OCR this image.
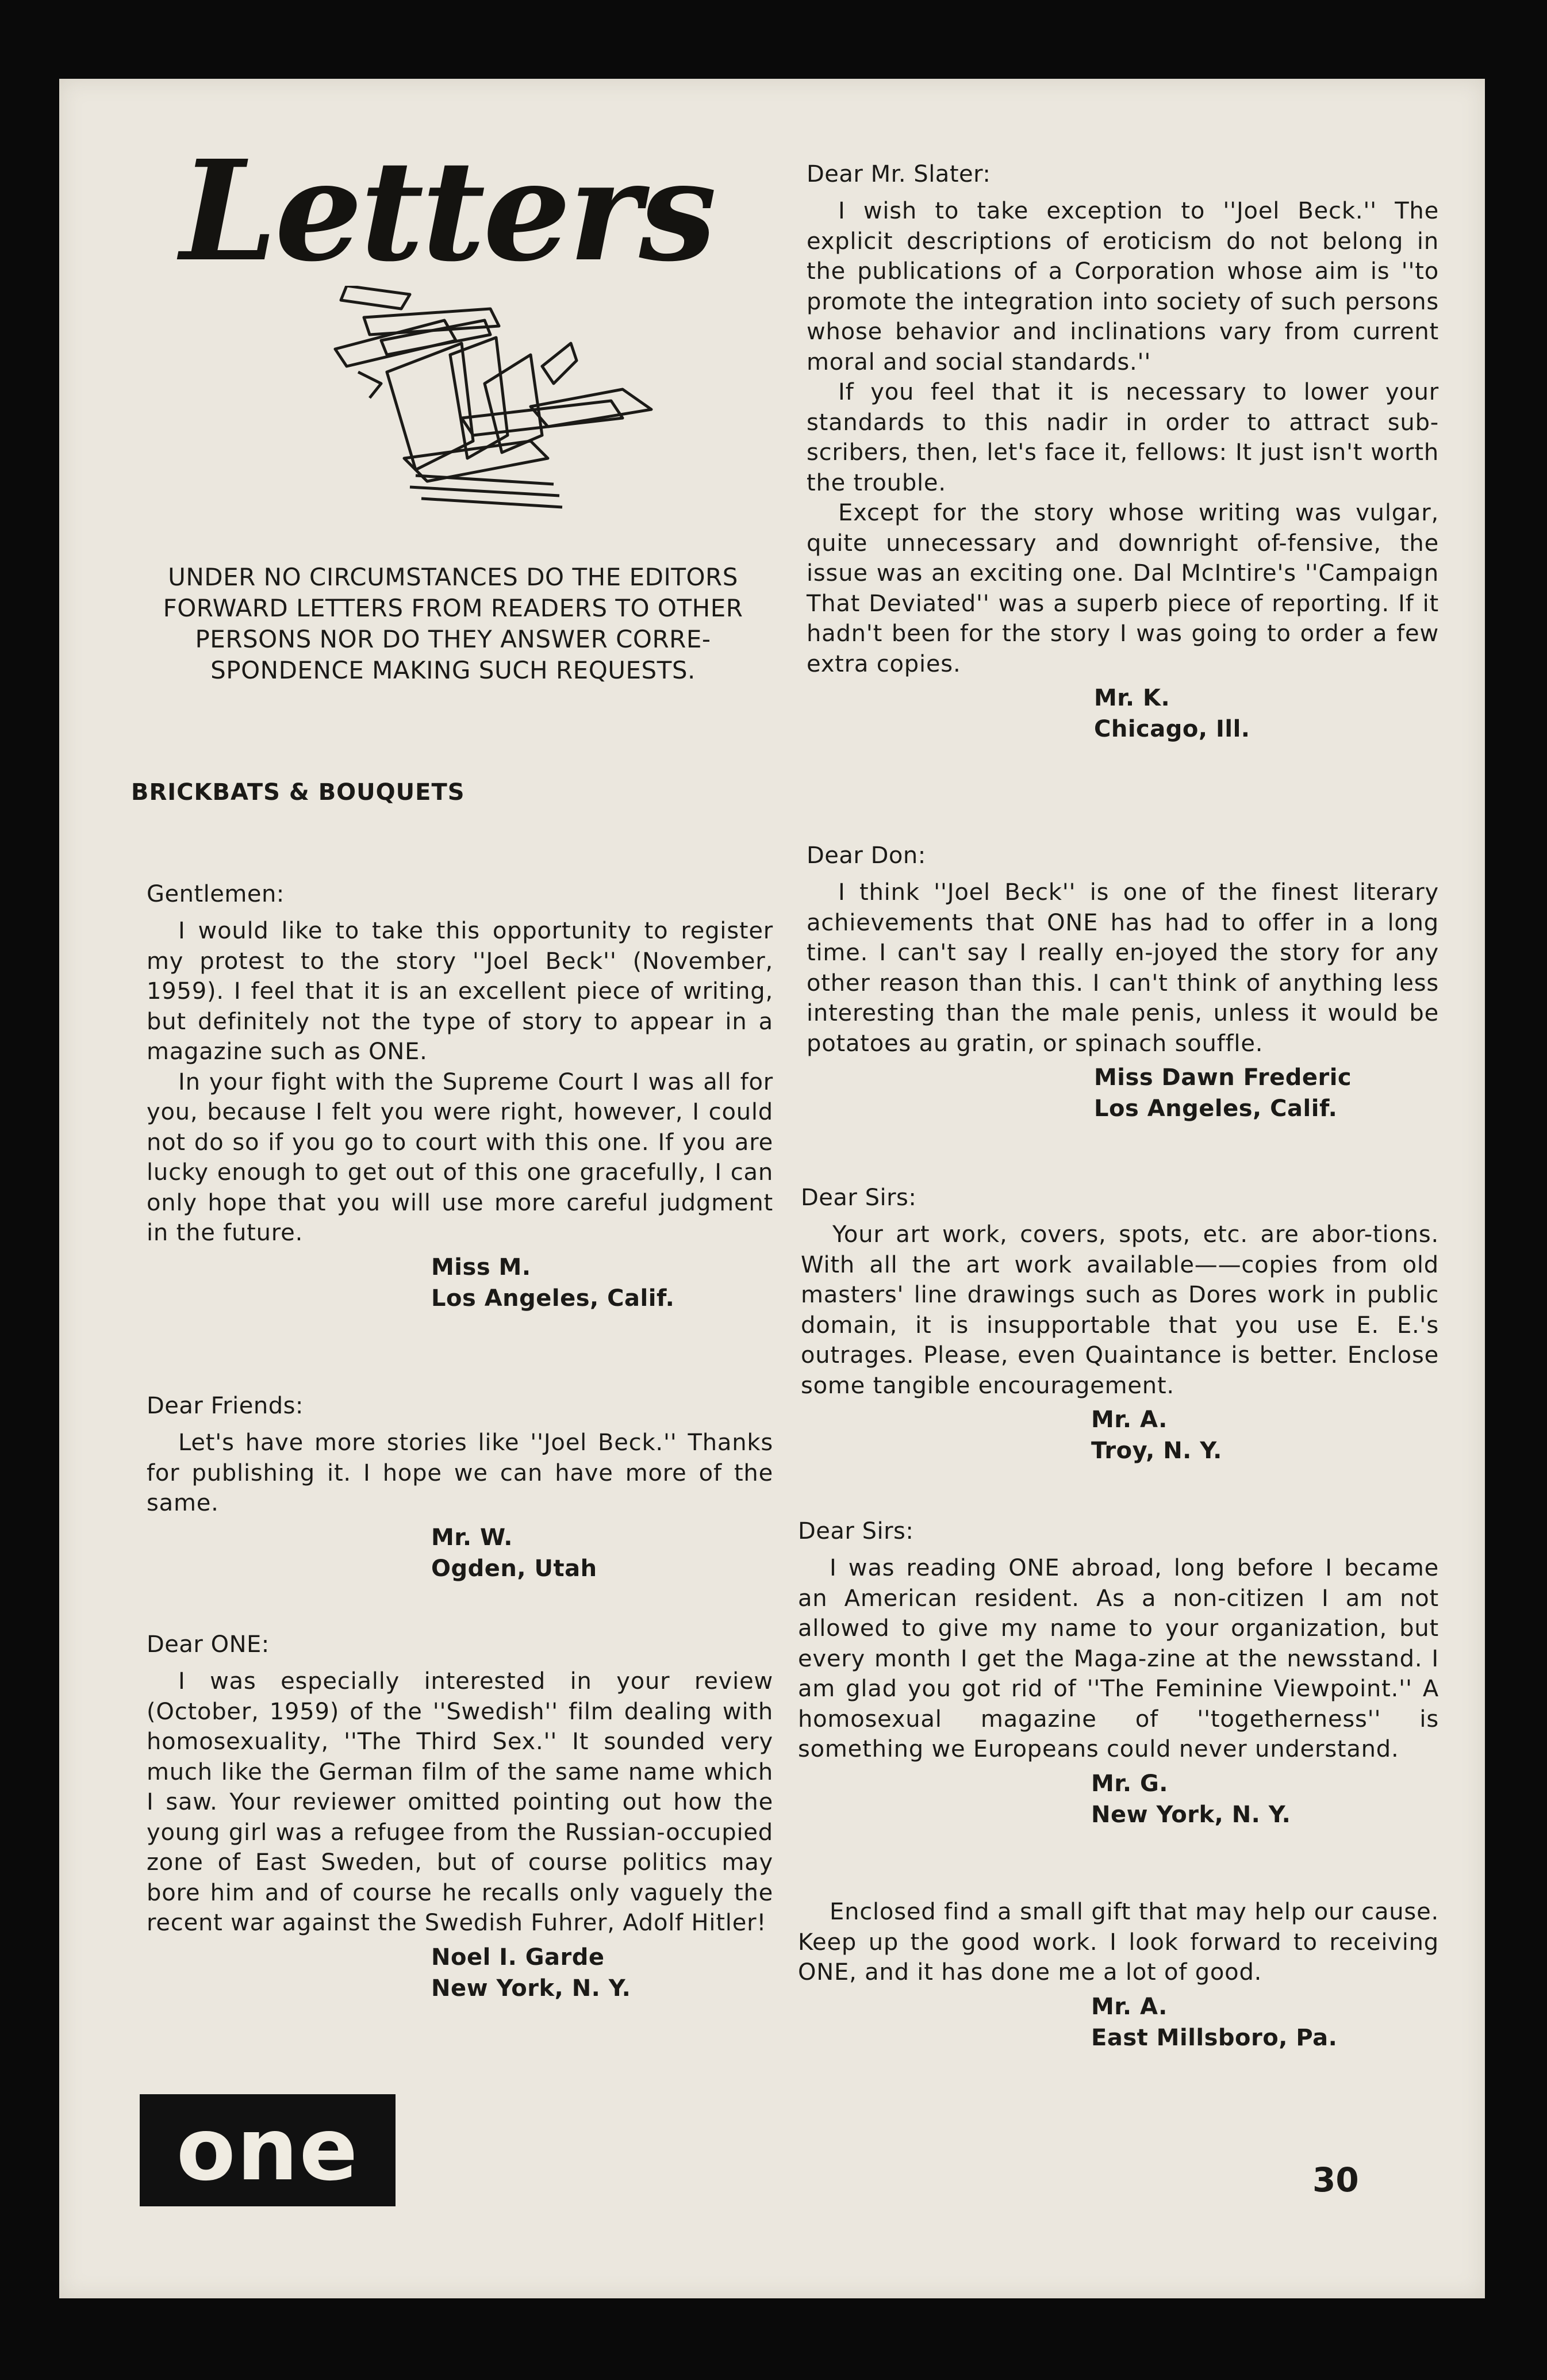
Letters
UNDER NO CIRCUMSTANCES DO THE EDITORS FORWARD LETTERS FROM READERS TO OTHER PERSONS NOR DO THEY ANSWER CORRE-SPONDENCE MAKING SUCH REQUESTS.
BRICKBATS & BOUQUETS
Gentlemen:

I would like to take this opportunity to register my protest to the story ''Joel Beck'' (November, 1959). I feel that it is an excellent piece of writing, but definitely not the type of story to appear in a magazine such as ONE.

In your fight with the Supreme Court I was all for you, because I felt you were right, however, I could not do so if you go to court with this one. If you are lucky enough to get out of this one gracefully, I can only hope that you will use more careful judgment in the future.

Miss M.
Los Angeles, Calif.
Dear Friends:

Let's have more stories like ''Joel Beck.'' Thanks for publishing it. I hope we can have more of the same.

Mr. W.
Ogden, Utah
Dear ONE:

I was especially interested in your review (October, 1959) of the ''Swedish'' film dealing with homosexuality, ''The Third Sex.'' It sounded very much like the German film of the same name which I saw. Your reviewer omitted pointing out how the young girl was a refugee from the Russian-occupied zone of East Sweden, but of course politics may bore him and of course he recalls only vaguely the recent war against the Swedish Fuhrer, Adolf Hitler!

Noel I. Garde
New York, N. Y.
Dear Mr. Slater:

I wish to take exception to ''Joel Beck.'' The explicit descriptions of eroticism do not belong in the publications of a Corporation whose aim is ''to promote the integration into society of such persons whose behavior and inclinations vary from current moral and social standards.''

If you feel that it is necessary to lower your standards to this nadir in order to attract sub-scribers, then, let's face it, fellows: It just isn't worth the trouble.

Except for the story whose writing was vulgar, quite unnecessary and downright of-fensive, the issue was an exciting one. Dal McIntire's ''Campaign That Deviated'' was a superb piece of reporting. If it hadn't been for the story I was going to order a few extra copies.

Mr. K.
Chicago, Ill.
Dear Don:

I think ''Joel Beck'' is one of the finest literary achievements that ONE has had to offer in a long time. I can't say I really en-joyed the story for any other reason than this. I can't think of anything less interesting than the male penis, unless it would be potatoes au gratin, or spinach souffle.

Miss Dawn Frederic
Los Angeles, Calif.
Dear Sirs:

Your art work, covers, spots, etc. are abor-tions. With all the art work available——copies from old masters' line drawings such as Dores work in public domain, it is insupportable that you use E. E.'s outrages. Please, even Quaintance is better. Enclose some tangible encouragement.

Mr. A.
Troy, N. Y.
Dear Sirs:

I was reading ONE abroad, long before I became an American resident. As a non-citizen I am not allowed to give my name to your organization, but every month I get the Maga-zine at the newsstand. I am glad you got rid of ''The Feminine Viewpoint.'' A homosexual magazine of ''togetherness'' is something we Europeans could never understand.

Mr. G.
New York, N. Y.

Enclosed find a small gift that may help our cause. Keep up the good work. I look forward to receiving ONE, and it has done me a lot of good.

Mr. A.
East Millsboro, Pa.
one	30
